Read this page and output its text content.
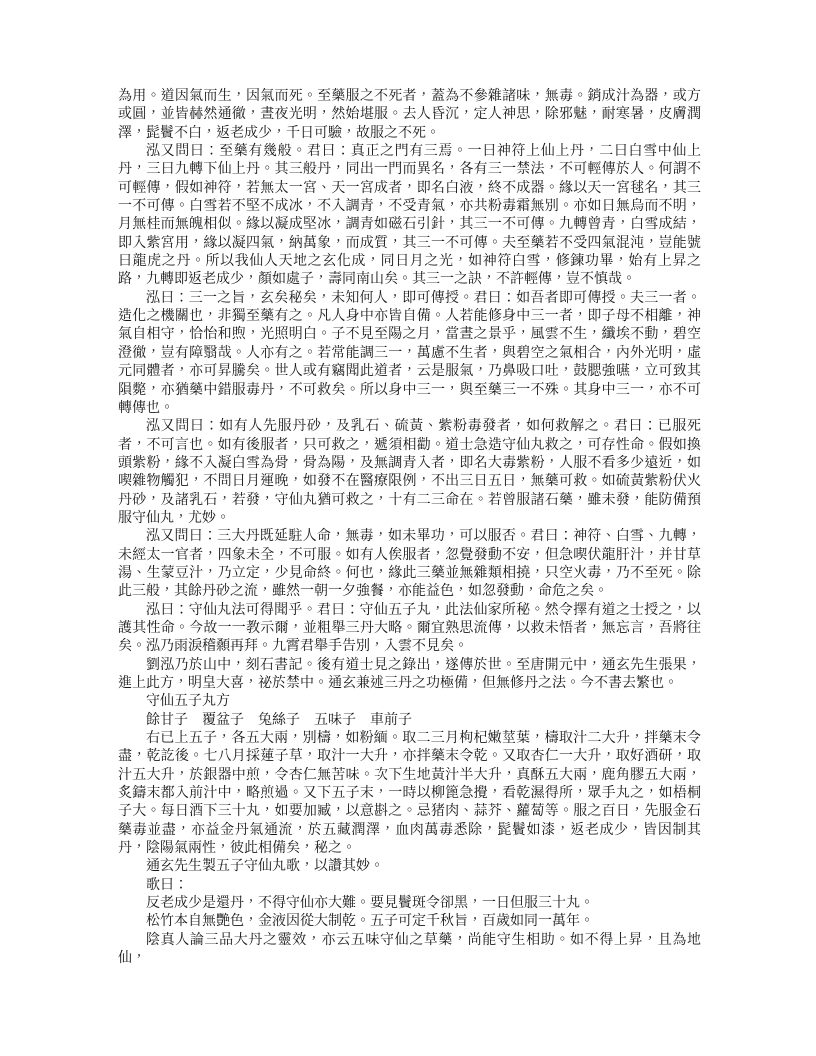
為用。道因氣而生，因氣而死。至藥服之不死者，蓋為不參雜諸味，無毒。銷成汁為器，或方或圓，並皆赫然通徹，晝夜光明，然始堪服。去人昏沉，定人神思，除邪魅，耐寒暑，皮膚潤澤，髭鬢不白，返老成少，千日可驗，故服之不死。

泓又問曰：至藥有幾般。君曰：真正之門有三焉。一曰神符上仙上丹，二曰白雪中仙上丹，三曰九轉下仙上丹。其三般丹，同出一門而異名，各有三一禁法，不可輕傳於人。何謂不可輕傳，假如神符，若無太一宮、天一宮成者，即名白液，終不成器。緣以天一宮毬名，其三一不可傳。白雪若不堅不成冰，不入調青，不受青氣，亦共粉毒霜無別。亦如日無烏而不明，月無桂而無魄相似。緣以凝成堅冰，調青如磁石引針，其三一不可傳。九轉曾青，白雪成結，即入紫宮用，緣以凝四氣，納萬象，而成質，其三一不可傳。夫至藥若不受四氣混沌，豈能號曰龍虎之丹。所以我仙人天地之玄化成，同日月之光，如神符白雪，修鍊功畢，始有上昇之路，九轉即返老成少，顏如處子，壽同南山矣。其三一之訣，不許輕傳，豈不慎哉。

泓曰：三一之旨，玄矣秘矣，未知何人，即可傳授。君曰：如吾者即可傳授。夫三一者。造化之機關也，非獨至藥有之。凡人身中亦皆自備。人若能修身中三一者，即子母不相離，神氣自相守，恰怡和煦，光照明白。子不見至陽之月，當晝之景乎，風雲不生，纖埃不動，碧空澄徹，豈有障翳哉。人亦有之。若常能調三一，萬慮不生者，與碧空之氣相合，內外光明，虛元同體者，亦可昇騰矣。世人或有竊聞此道者，云是服氣，乃鼻吸口吐，鼓腮強嚥，立可致其隕斃，亦猶藥中錯服毒丹，不可救矣。所以身中三一，與至藥三一不殊。其身中三一，亦不可轉傳也。

泓又問曰：如有人先服丹砂，及乳石、硫黃、紫粉毒發者，如何救解之。君曰：已服死者，不可言也。如有後服者，只可救之，遞須相勸。道士急造守仙丸救之，可存性命。假如換頭紫粉，緣不入凝白雪為骨，骨為陽，及無調青入者，即名大毒紫粉，人服不看多少遠近，如喫雜物觸犯，不問日月運晚，如發不在醫療限例，不出三日五日，無藥可救。如硫黃紫粉伏火丹砂，及諸乳石，若發，守仙丸猶可救之，十有二三命在。若曾服諸石藥，雖未發，能防備預服守仙丸，尤妙。

泓又問曰：三大丹既延駐人命，無毒，如未畢功，可以服否。君曰：神符、白雪、九轉，未經太一官者，四象未全，不可服。如有人俟服者，忽覺發動不安，但急喫伏龍肝汁，并甘草湯、生蒙豆汁，乃立定，少見命終。何也，緣此三藥並無雜類相撓，只空火毒，乃不至死。除此三般，其餘丹砂之流，雖然一朝一夕強餐，亦能益色，如忽發動，命危之矣。

泓曰：守仙丸法可得聞乎。君曰：守仙五子丸，此法仙家所秘。然令擇有道之士授之，以護其性命。今故一一教示爾，並粗舉三丹大略。爾宜熟思流傳，以救未悟者，無忘言，吾將往矣。泓乃雨淚稽顙再拜。九霄君舉手告別，入雲不見矣。

劉泓乃於山中，刻石書記。後有道士見之錄出，遂傳於世。至唐開元中，通玄先生張果，進上此方，明皇大喜，祕於禁中。通玄兼述三丹之功極備，但無修丹之法。今不書去繁也。

守仙五子丸方

餘甘子　覆盆子　兔絲子　五味子　車前子

右已上五子，各五大兩，別檮，如粉緬。取二三月枸杞嫩莖葉，檮取汁二大升，拌藥末令盡，乾訖後。七八月採蓮子草，取汁一大升，亦拌藥末令乾。又取杏仁一大升，取好酒研，取汁五大升，於銀器中煎，令杏仁無苦味。次下生地黃汁半大升，真酥五大兩，鹿角膠五大兩，炙鑄末都入前汁中，略煎過。又下五子末，一時以柳篦急攪，看乾濕得所，眾手丸之，如梧桐子大。每日酒下三十丸，如要加臧，以意斟之。忌猪肉、蒜芥、蘿蔔等。服之百日，先服金石藥毒並盡，亦益金丹氣通流，於五藏潤澤，血肉萬毒悉除，髭鬢如漆，返老成少，皆因制其丹，陰陽氣兩性，彼此相備矣，秘之。

通玄先生製五子守仙丸歌，以讚其妙。

歌曰：

反老成少是還丹，不得守仙亦大難。要見鬢斑令卻黑，一日但服三十丸。

松竹本自無艷色，金液因從大制乾。五子可定千秋旨，百歲如同一萬年。

陰真人論三品大丹之靈效，亦云五味守仙之草藥，尚能守生相助。如不得上昇，且為地仙，
